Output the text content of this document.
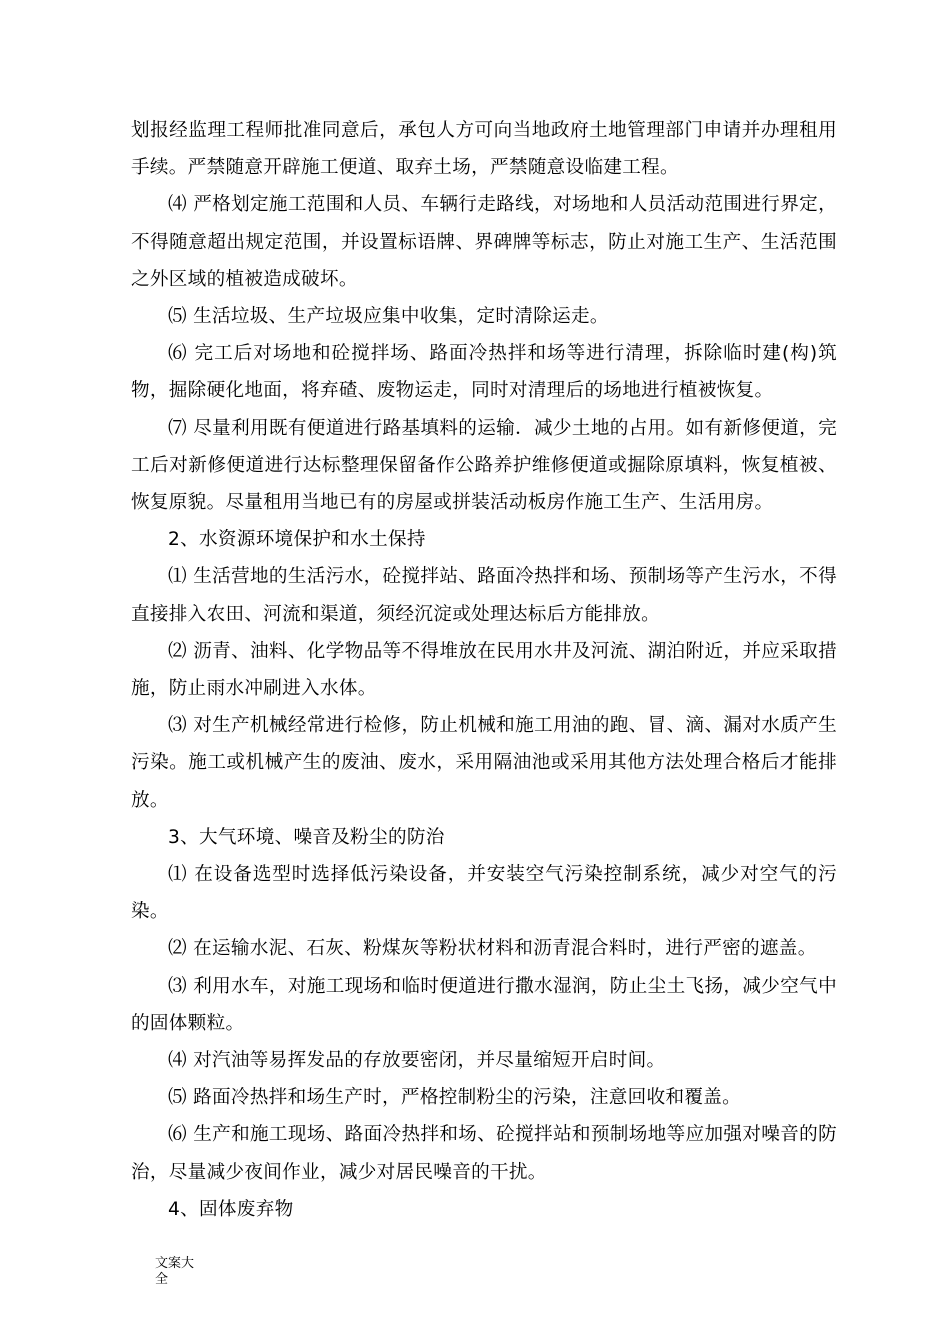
划报经监理工程师批准同意后，承包人方可向当地政府土地管理部门申请并办理租用手续。严禁随意开辟施工便道、取弃土场，严禁随意设临建工程。

⑷ 严格划定施工范围和人员、车辆行走路线，对场地和人员活动范围进行界定，不得随意超出规定范围，并设置标语牌、界碑牌等标志，防止对施工生产、生活范围之外区域的植被造成破坏。

⑸ 生活垃圾、生产垃圾应集中收集，定时清除运走。

⑹ 完工后对场地和砼搅拌场、路面冷热拌和场等进行清理，拆除临时建(构)筑物，掘除硬化地面，将弃碴、废物运走，同时对清理后的场地进行植被恢复。

⑺ 尽量利用既有便道进行路基填料的运输．减少土地的占用。如有新修便道，完工后对新修便道进行达标整理保留备作公路养护维修便道或掘除原填料，恢复植被、恢复原貌。尽量租用当地已有的房屋或拼装活动板房作施工生产、生活用房。

2、水资源环境保护和水土保持

⑴ 生活营地的生活污水，砼搅拌站、路面冷热拌和场、预制场等产生污水，不得直接排入农田、河流和渠道，须经沉淀或处理达标后方能排放。

⑵ 沥青、油料、化学物品等不得堆放在民用水井及河流、湖泊附近，并应采取措施，防止雨水冲刷进入水体。

⑶ 对生产机械经常进行检修，防止机械和施工用油的跑、冒、滴、漏对水质产生污染。施工或机械产生的废油、废水，采用隔油池或采用其他方法处理合格后才能排放。

3、大气环境、噪音及粉尘的防治

⑴ 在设备选型时选择低污染设备，并安装空气污染控制系统，减少对空气的污染。

⑵ 在运输水泥、石灰、粉煤灰等粉状材料和沥青混合料时，进行严密的遮盖。

⑶ 利用水车，对施工现场和临时便道进行撒水湿润，防止尘土飞扬，减少空气中的固体颗粒。

⑷ 对汽油等易挥发品的存放要密闭，并尽量缩短开启时间。

⑸ 路面冷热拌和场生产时，严格控制粉尘的污染，注意回收和覆盖。

⑹ 生产和施工现场、路面冷热拌和场、砼搅拌站和预制场地等应加强对噪音的防治，尽量减少夜间作业，减少对居民噪音的干扰。

4、固体废弃物

文案大全
